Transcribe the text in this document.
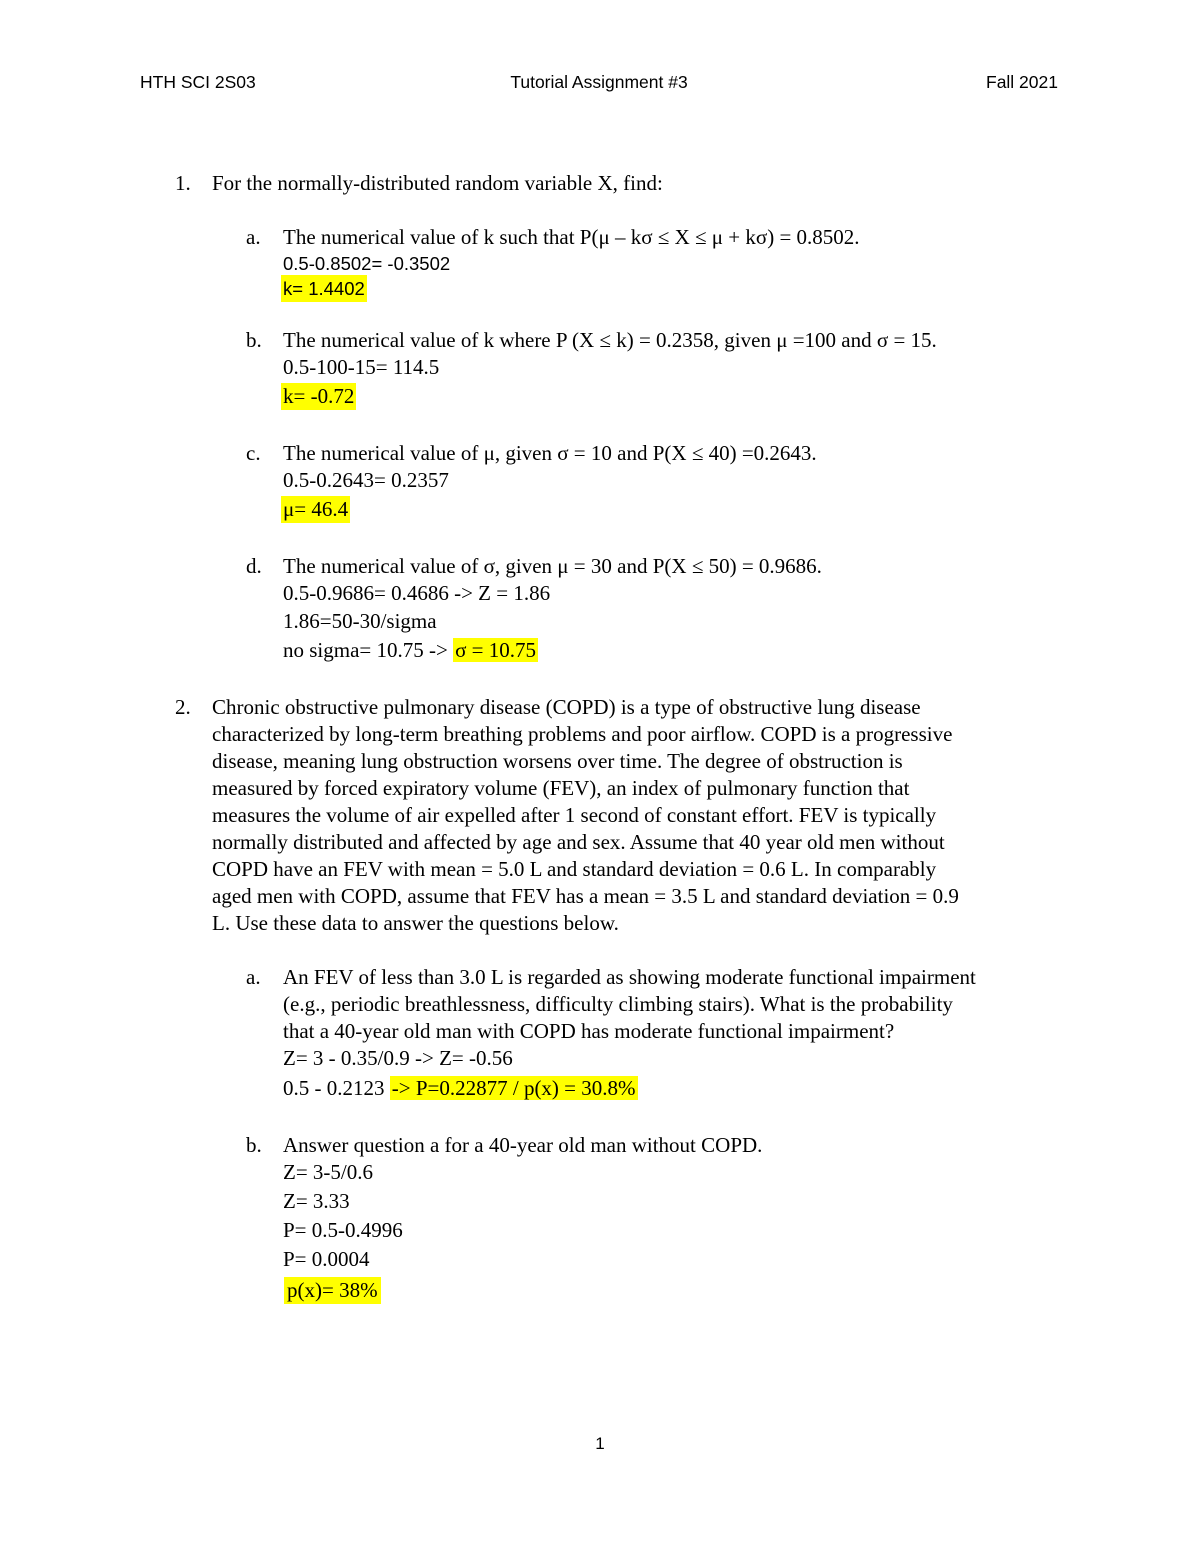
HTH SCI 2S03	Tutorial Assignment #3	Fall 2021
1. For the normally-distributed random variable X, find:
a. The numerical value of k such that P(μ – kσ ≤ X ≤ μ + kσ) = 0.8502.
0.5-0.8502= -0.3502
k= 1.4402
b. The numerical value of k where P (X ≤ k) = 0.2358, given μ =100 and σ = 15.
0.5-100-15= 114.5
k= -0.72
c. The numerical value of μ, given σ = 10 and P(X ≤ 40) =0.2643.
0.5-0.2643= 0.2357
μ= 46.4
d. The numerical value of σ, given μ = 30 and P(X ≤ 50) = 0.9686.
0.5-0.9686= 0.4686 -> Z = 1.86
1.86=50-30/sigma
no sigma= 10.75 -> σ = 10.75
2. Chronic obstructive pulmonary disease (COPD) is a type of obstructive lung disease
characterized by long-term breathing problems and poor airflow. COPD is a progressive
disease, meaning lung obstruction worsens over time. The degree of obstruction is
measured by forced expiratory volume (FEV), an index of pulmonary function that
measures the volume of air expelled after 1 second of constant effort. FEV is typically
normally distributed and affected by age and sex. Assume that 40 year old men without
COPD have an FEV with mean = 5.0 L and standard deviation = 0.6 L. In comparably
aged men with COPD, assume that FEV has a mean = 3.5 L and standard deviation = 0.9
L. Use these data to answer the questions below.
a. An FEV of less than 3.0 L is regarded as showing moderate functional impairment
(e.g., periodic breathlessness, difficulty climbing stairs). What is the probability
that a 40-year old man with COPD has moderate functional impairment?
Z= 3 - 0.35/0.9 -> Z= -0.56
0.5 - 0.2123 -> P=0.22877 / p(x) = 30.8%
b. Answer question a for a 40-year old man without COPD.
Z= 3-5/0.6
Z= 3.33
P= 0.5-0.4996
P= 0.0004
p(x)= 38%
1
